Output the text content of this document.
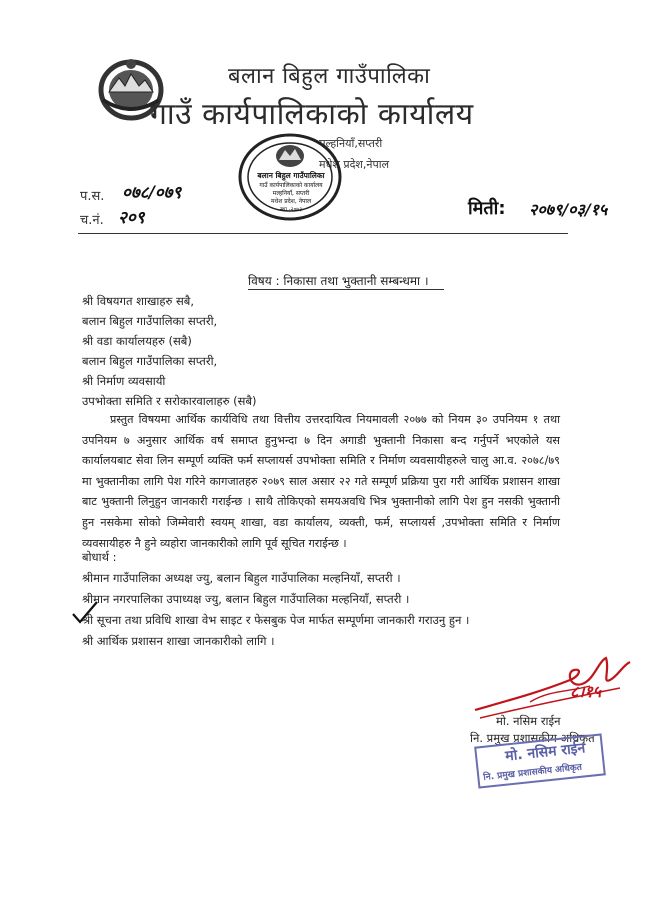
बलान बिहुल गाउँपालिका
गाउँ कार्यपालिकाको कार्यालय
मल्हनियाँ,सप्तरी
मधेश प्रदेश,नेपाल
बलान बिहुल गाउँपालिका
गाउँ कार्यपालिकाको कार्यालय
मल्हनियाँ, सप्तरी
मधेश प्रदेश, नेपाल
स्था.-२०७३
प.स. ०७८/०७९
च.नं. २०९	मिती: २०७९/०३/१५
विषय : निकासा तथा भुक्तानी सम्बन्धमा ।
श्री विषयगत शाखाहरु सबै,
बलान बिहुल गाउँपालिका सप्तरी,
श्री वडा कार्यालयहरु (सबै)
बलान बिहुल गाउँपालिका सप्तरी,
श्री निर्माण व्यवसायी
उपभोक्ता समिति र सरोकारवालाहरु (सबै)

प्रस्तुत विषयमा आर्थिक कार्यविधि तथा वित्तीय उत्तरदायित्व नियमावली २०७७ को नियम ३० उपनियम १ तथा उपनियम ७ अनुसार आर्थिक वर्ष समाप्त हुनुभन्दा ७ दिन अगाडी भुक्तानी निकासा बन्द गर्नुपर्ने भएकोले यस कार्यालयबाट सेवा लिन सम्पूर्ण व्यक्ति फर्म सप्लायर्स उपभोक्ता समिति र निर्माण व्यवसायीहरुले चालु आ.व. २०७८/७९ मा भुक्तानीका लागि पेश गरिने कागजातहरु २०७९ साल असार २२ गते सम्पूर्ण प्रक्रिया पुरा गरी आर्थिक प्रशासन शाखा बाट भुक्तानी लिनुहुन जानकारी गराईन्छ । साथै तोकिएको समयअवधि भित्र भुक्तानीको लागि पेश हुन नसकी भुक्तानी हुन नसकेमा सोको जिम्मेवारी स्वयम् शाखा, वडा कार्यालय, व्यक्ती, फर्म, सप्लायर्स ,उपभोक्ता समिति र निर्माण व्यवसायीहरु नै हुने व्यहोरा जानकारीको लागि पूर्व सूचित गराईन्छ ।

बोधार्थ :
श्रीमान गाउँपालिका अध्यक्ष ज्यु, बलान बिहुल गाउँपालिका मल्हनियाँ, सप्तरी ।
श्रीमान नगरपालिका उपाध्यक्ष ज्यु, बलान बिहुल गाउँपालिका मल्हनियाँ, सप्तरी ।
श्री सूचना तथा प्रविधि शाखा वेभ साइट र फेसबुक पेज मार्फत सम्पूर्णमा जानकारी गराउनु हुन ।
श्री आर्थिक प्रशासन शाखा जानकारीको लागि ।
८।१५
मो. नसिम राईन
नि. प्रमुख प्रशासकीय अधिकृत
मो. नसिम राईन
नि. प्रमुख प्रशासकीय अधिकृत
